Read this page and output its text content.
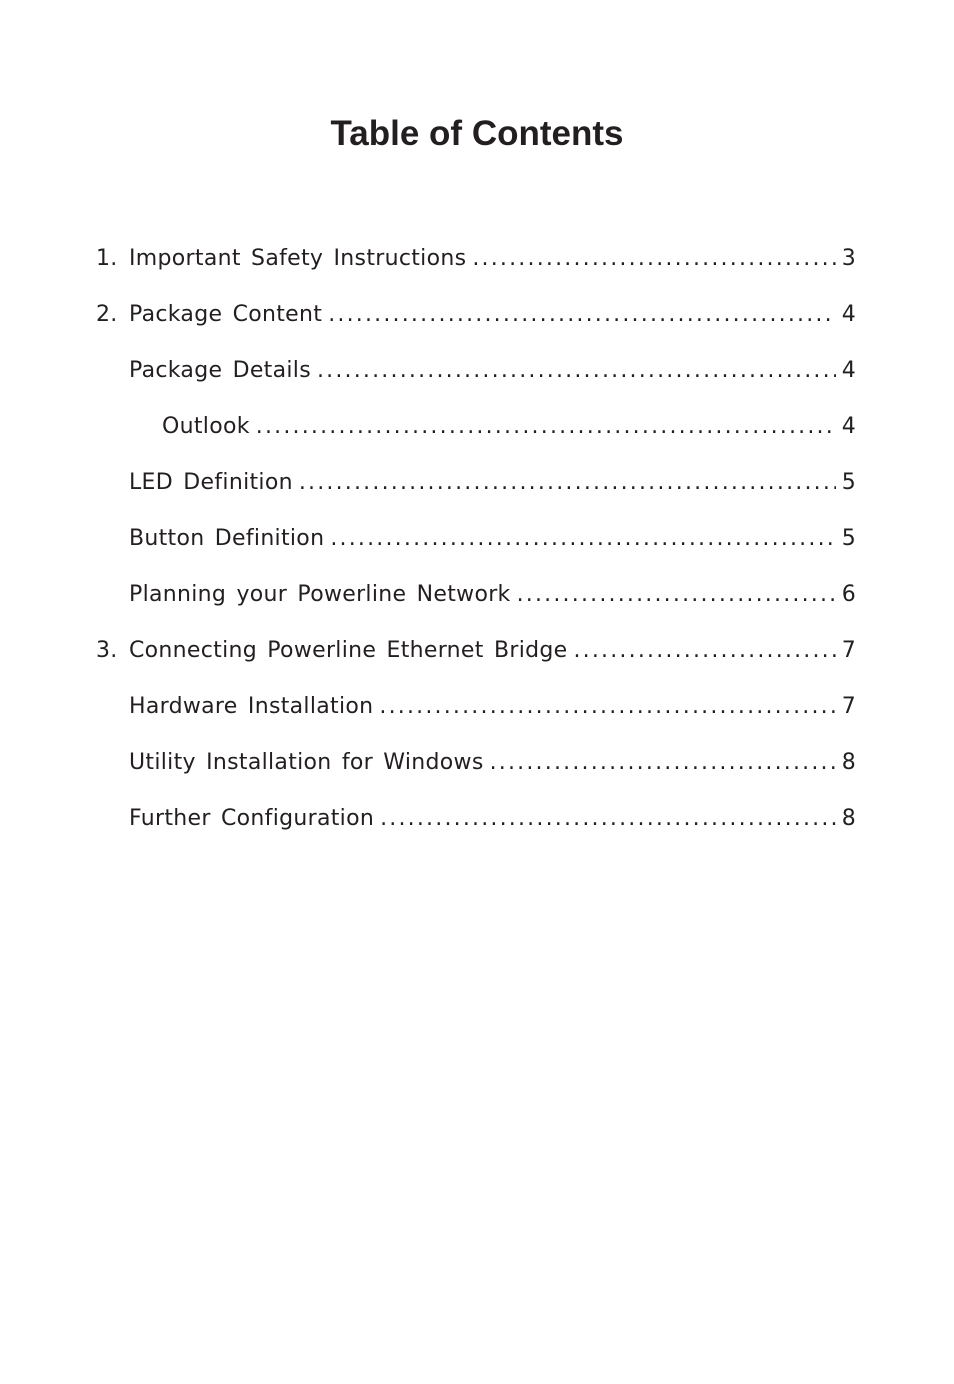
Table of Contents
1. Important Safety Instructions .....	3
2. Package Content .....	4
Package Details .....	4
Outlook .....	4
LED Definition .....	5
Button Definition .....	5
Planning your Powerline Network .....	6
3. Connecting Powerline Ethernet Bridge .....	7
Hardware Installation .....	7
Utility Installation for Windows .....	8
Further Configuration .....	8
